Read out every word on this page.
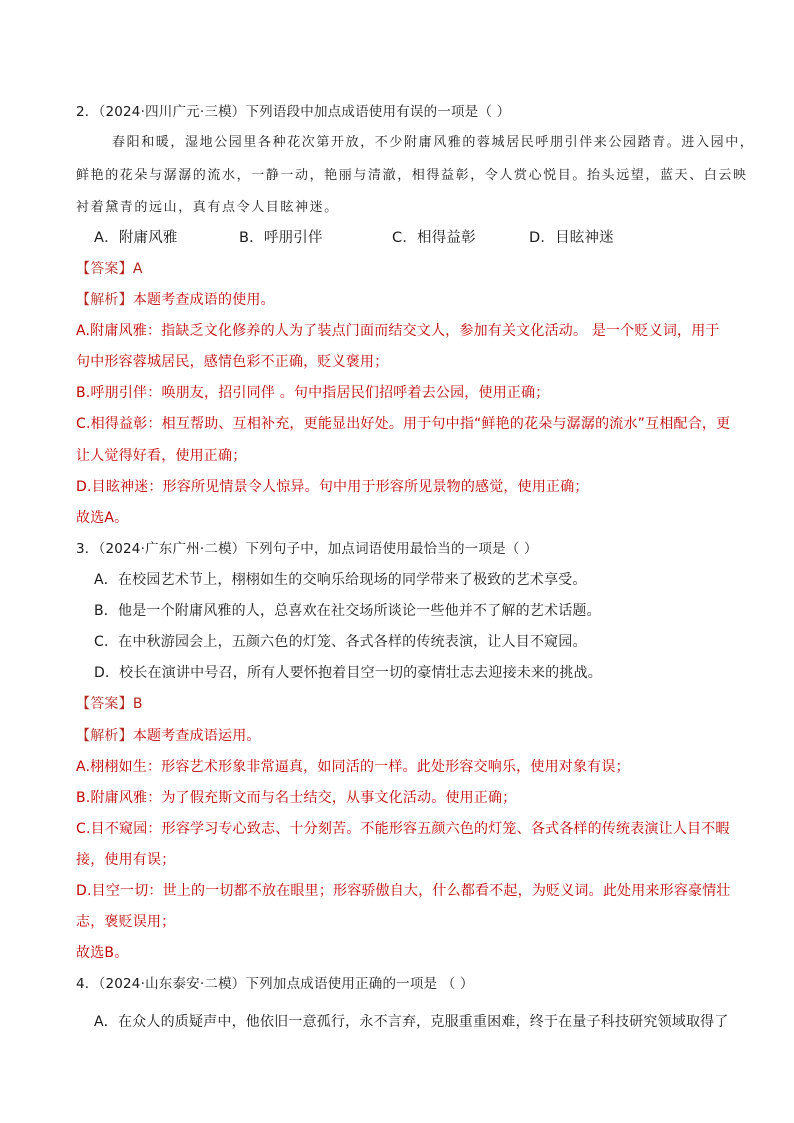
2．（2024·四川广元·三模）下列语段中加点成语使用有误的一项是（ ）
春阳和暖，湿地公园里各种花次第开放，不少附庸风雅的蓉城居民呼朋引伴来公园踏青。进入园中，
鲜艳的花朵与潺潺的流水，一静一动，艳丽与清澈，相得益彰，令人赏心悦目。抬头远望，蓝天、白云映
衬着黛青的远山，真有点令人目眩神迷。
A．附庸风雅	B．呼朋引伴	C．相得益彰	D．目眩神迷
【答案】A
【解析】本题考查成语的使用。
A.附庸风雅：指缺乏文化修养的人为了装点门面而结交文人，参加有关文化活动。 是一个贬义词，用于
句中形容蓉城居民，感情色彩不正确，贬义褒用；
B.呼朋引伴：唤朋友，招引同伴 。句中指居民们招呼着去公园，使用正确；
C.相得益彰：相互帮助、互相补充，更能显出好处。用于句中指“鲜艳的花朵与潺潺的流水”互相配合，更
让人觉得好看，使用正确；
D.目眩神迷：形容所见情景令人惊异。句中用于形容所见景物的感觉，使用正确；
故选A。
3．（2024·广东广州·二模）下列句子中，加点词语使用最恰当的一项是（ ）
A．在校园艺术节上，栩栩如生的交响乐给现场的同学带来了极致的艺术享受。
B．他是一个附庸风雅的人，总喜欢在社交场所谈论一些他并不了解的艺术话题。
C．在中秋游园会上，五颜六色的灯笼、各式各样的传统表演，让人目不窥园。
D．校长在演讲中号召，所有人要怀抱着目空一切的豪情壮志去迎接未来的挑战。
【答案】B
【解析】本题考查成语运用。
A.栩栩如生：形容艺术形象非常逼真，如同活的一样。此处形容交响乐，使用对象有误；
B.附庸风雅：为了假充斯文而与名士结交，从事文化活动。使用正确；
C.目不窥园：形容学习专心致志、十分刻苦。不能形容五颜六色的灯笼、各式各样的传统表演让人目不暇
接，使用有误；
D.目空一切：世上的一切都不放在眼里；形容骄傲自大，什么都看不起，为贬义词。此处用来形容豪情壮
志，褒贬误用；
故选B。
4．（2024·山东泰安·二模）下列加点成语使用正确的一项是 （ ）
A．在众人的质疑声中，他依旧一意孤行，永不言弃，克服重重困难，终于在量子科技研究领域取得了
